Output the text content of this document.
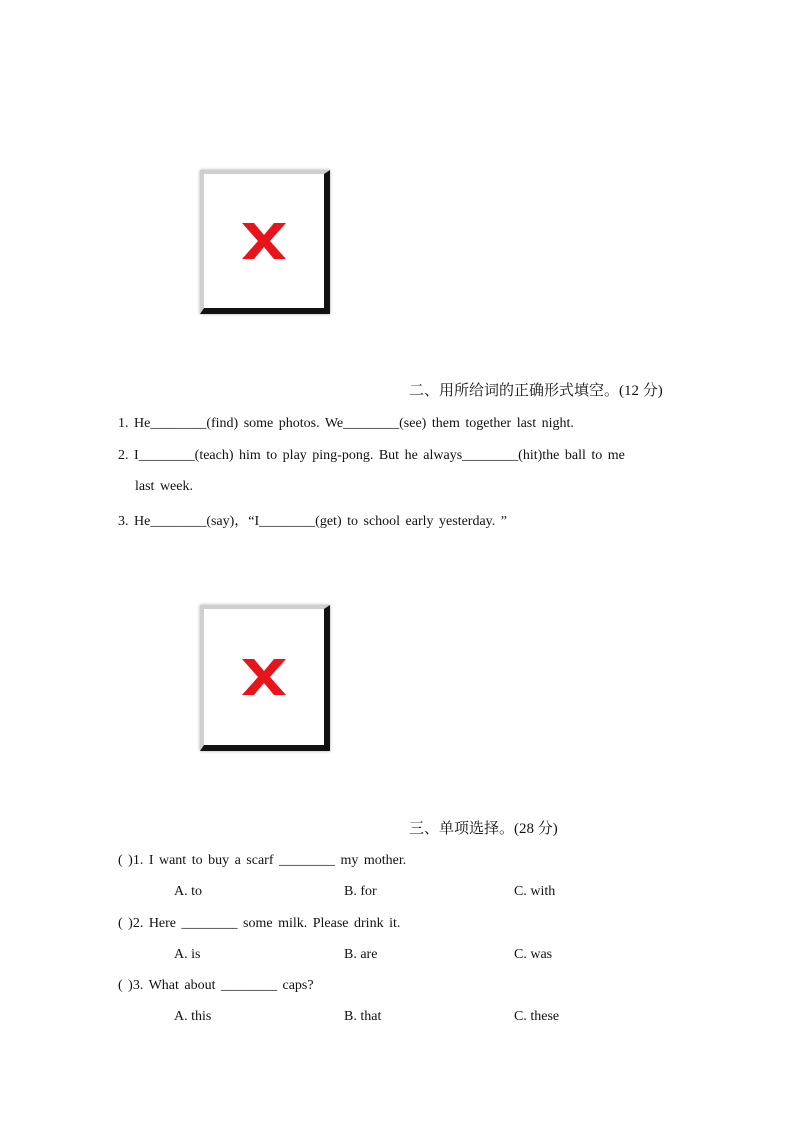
二、用所给词的正确形式填空。(12 分)
1. He________(find) some photos. We________(see) them together last night.
2. I________(teach) him to play ping-pong. But he always________(hit)the ball to me
last week.
3. He________(say)，“I________(get) to school early yesterday. ”
三、单项选择。(28 分)
( )1. I want to buy a scarf ________ my mother.
A. to	B. for	C. with
( )2. Here ________ some milk. Please drink it.
A. is	B. are	C. was
( )3. What about ________ caps?
A. this	B. that	C. these
